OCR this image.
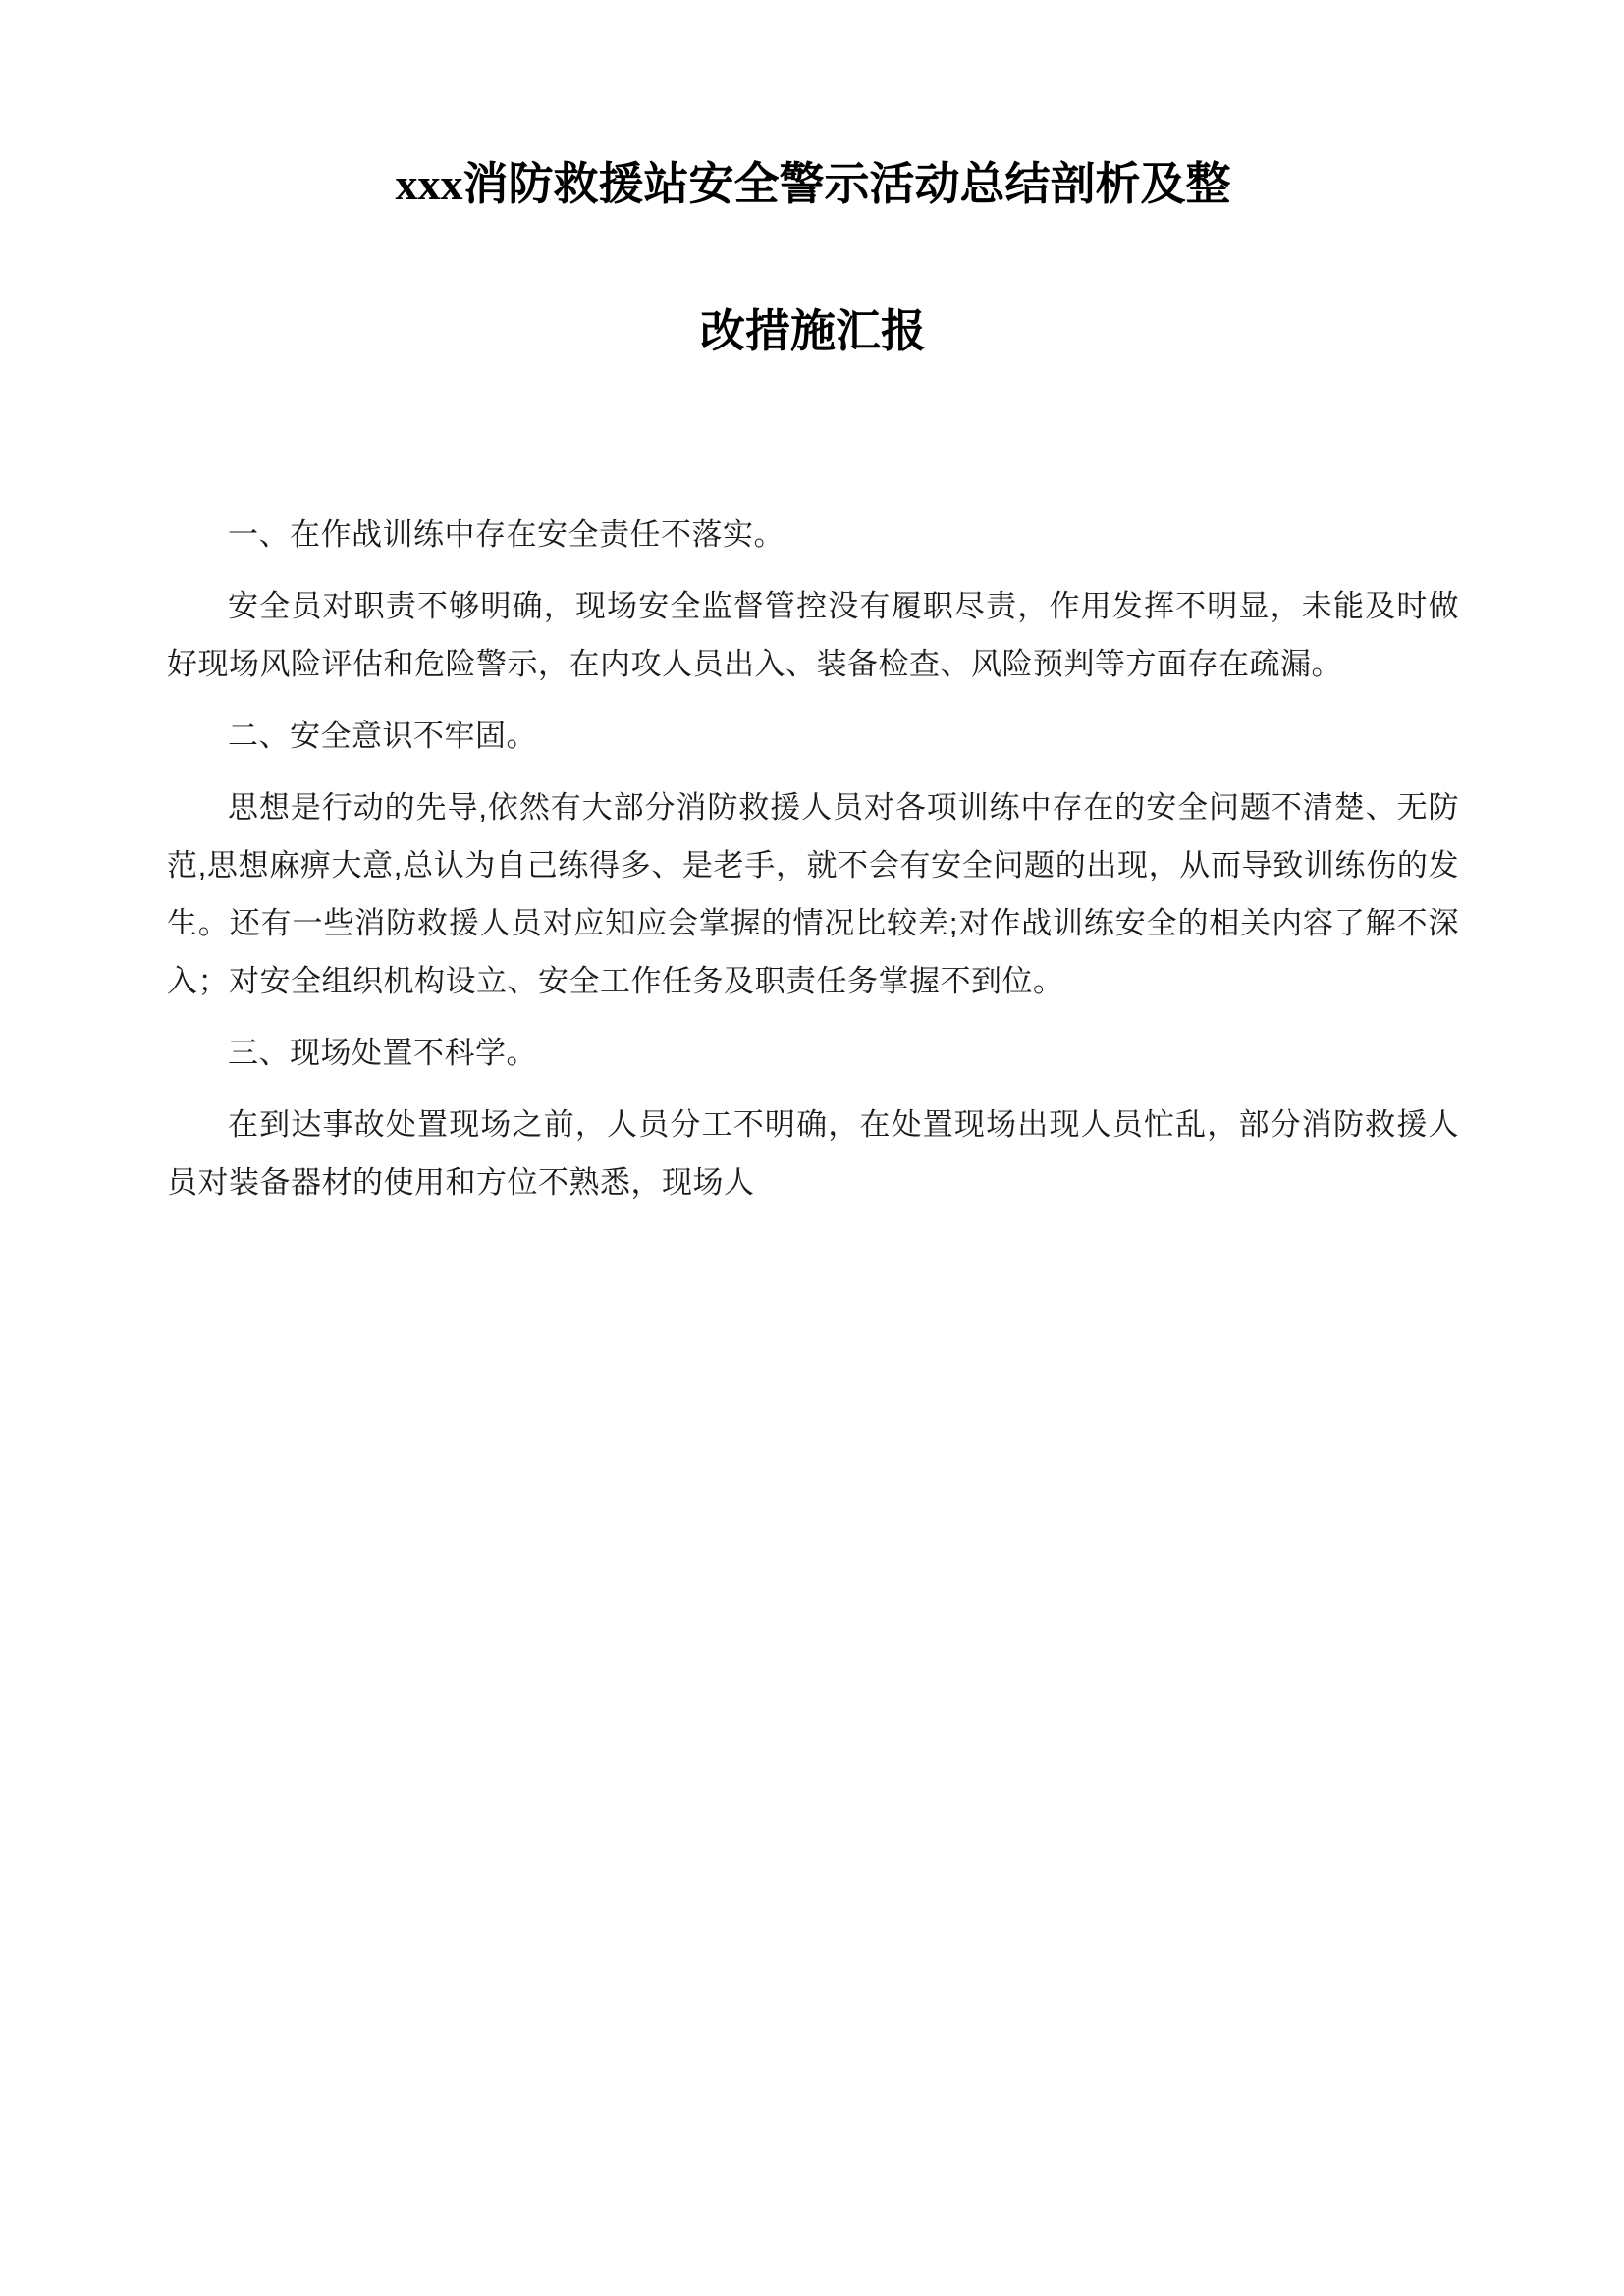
xxx消防救援站安全警示活动总结剖析及整
改措施汇报

一、在作战训练中存在安全责任不落实。

安全员对职责不够明确，现场安全监督管控没有履职尽责，作用发挥不明显，未能及时做好现场风险评估和危险警示，在内攻人员出入、装备检查、风险预判等方面存在疏漏。

二、安全意识不牢固。

思想是行动的先导,依然有大部分消防救援人员对各项训练中存在的安全问题不清楚、无防范,思想麻痹大意,总认为自己练得多、是老手，就不会有安全问题的出现，从而导致训练伤的发生。还有一些消防救援人员对应知应会掌握的情况比较差;对作战训练安全的相关内容了解不深入；对安全组织机构设立、安全工作任务及职责任务掌握不到位。

三、现场处置不科学。

在到达事故处置现场之前，人员分工不明确，在处置现场出现人员忙乱，部分消防救援人员对装备器材的使用和方位不熟悉，现场人
